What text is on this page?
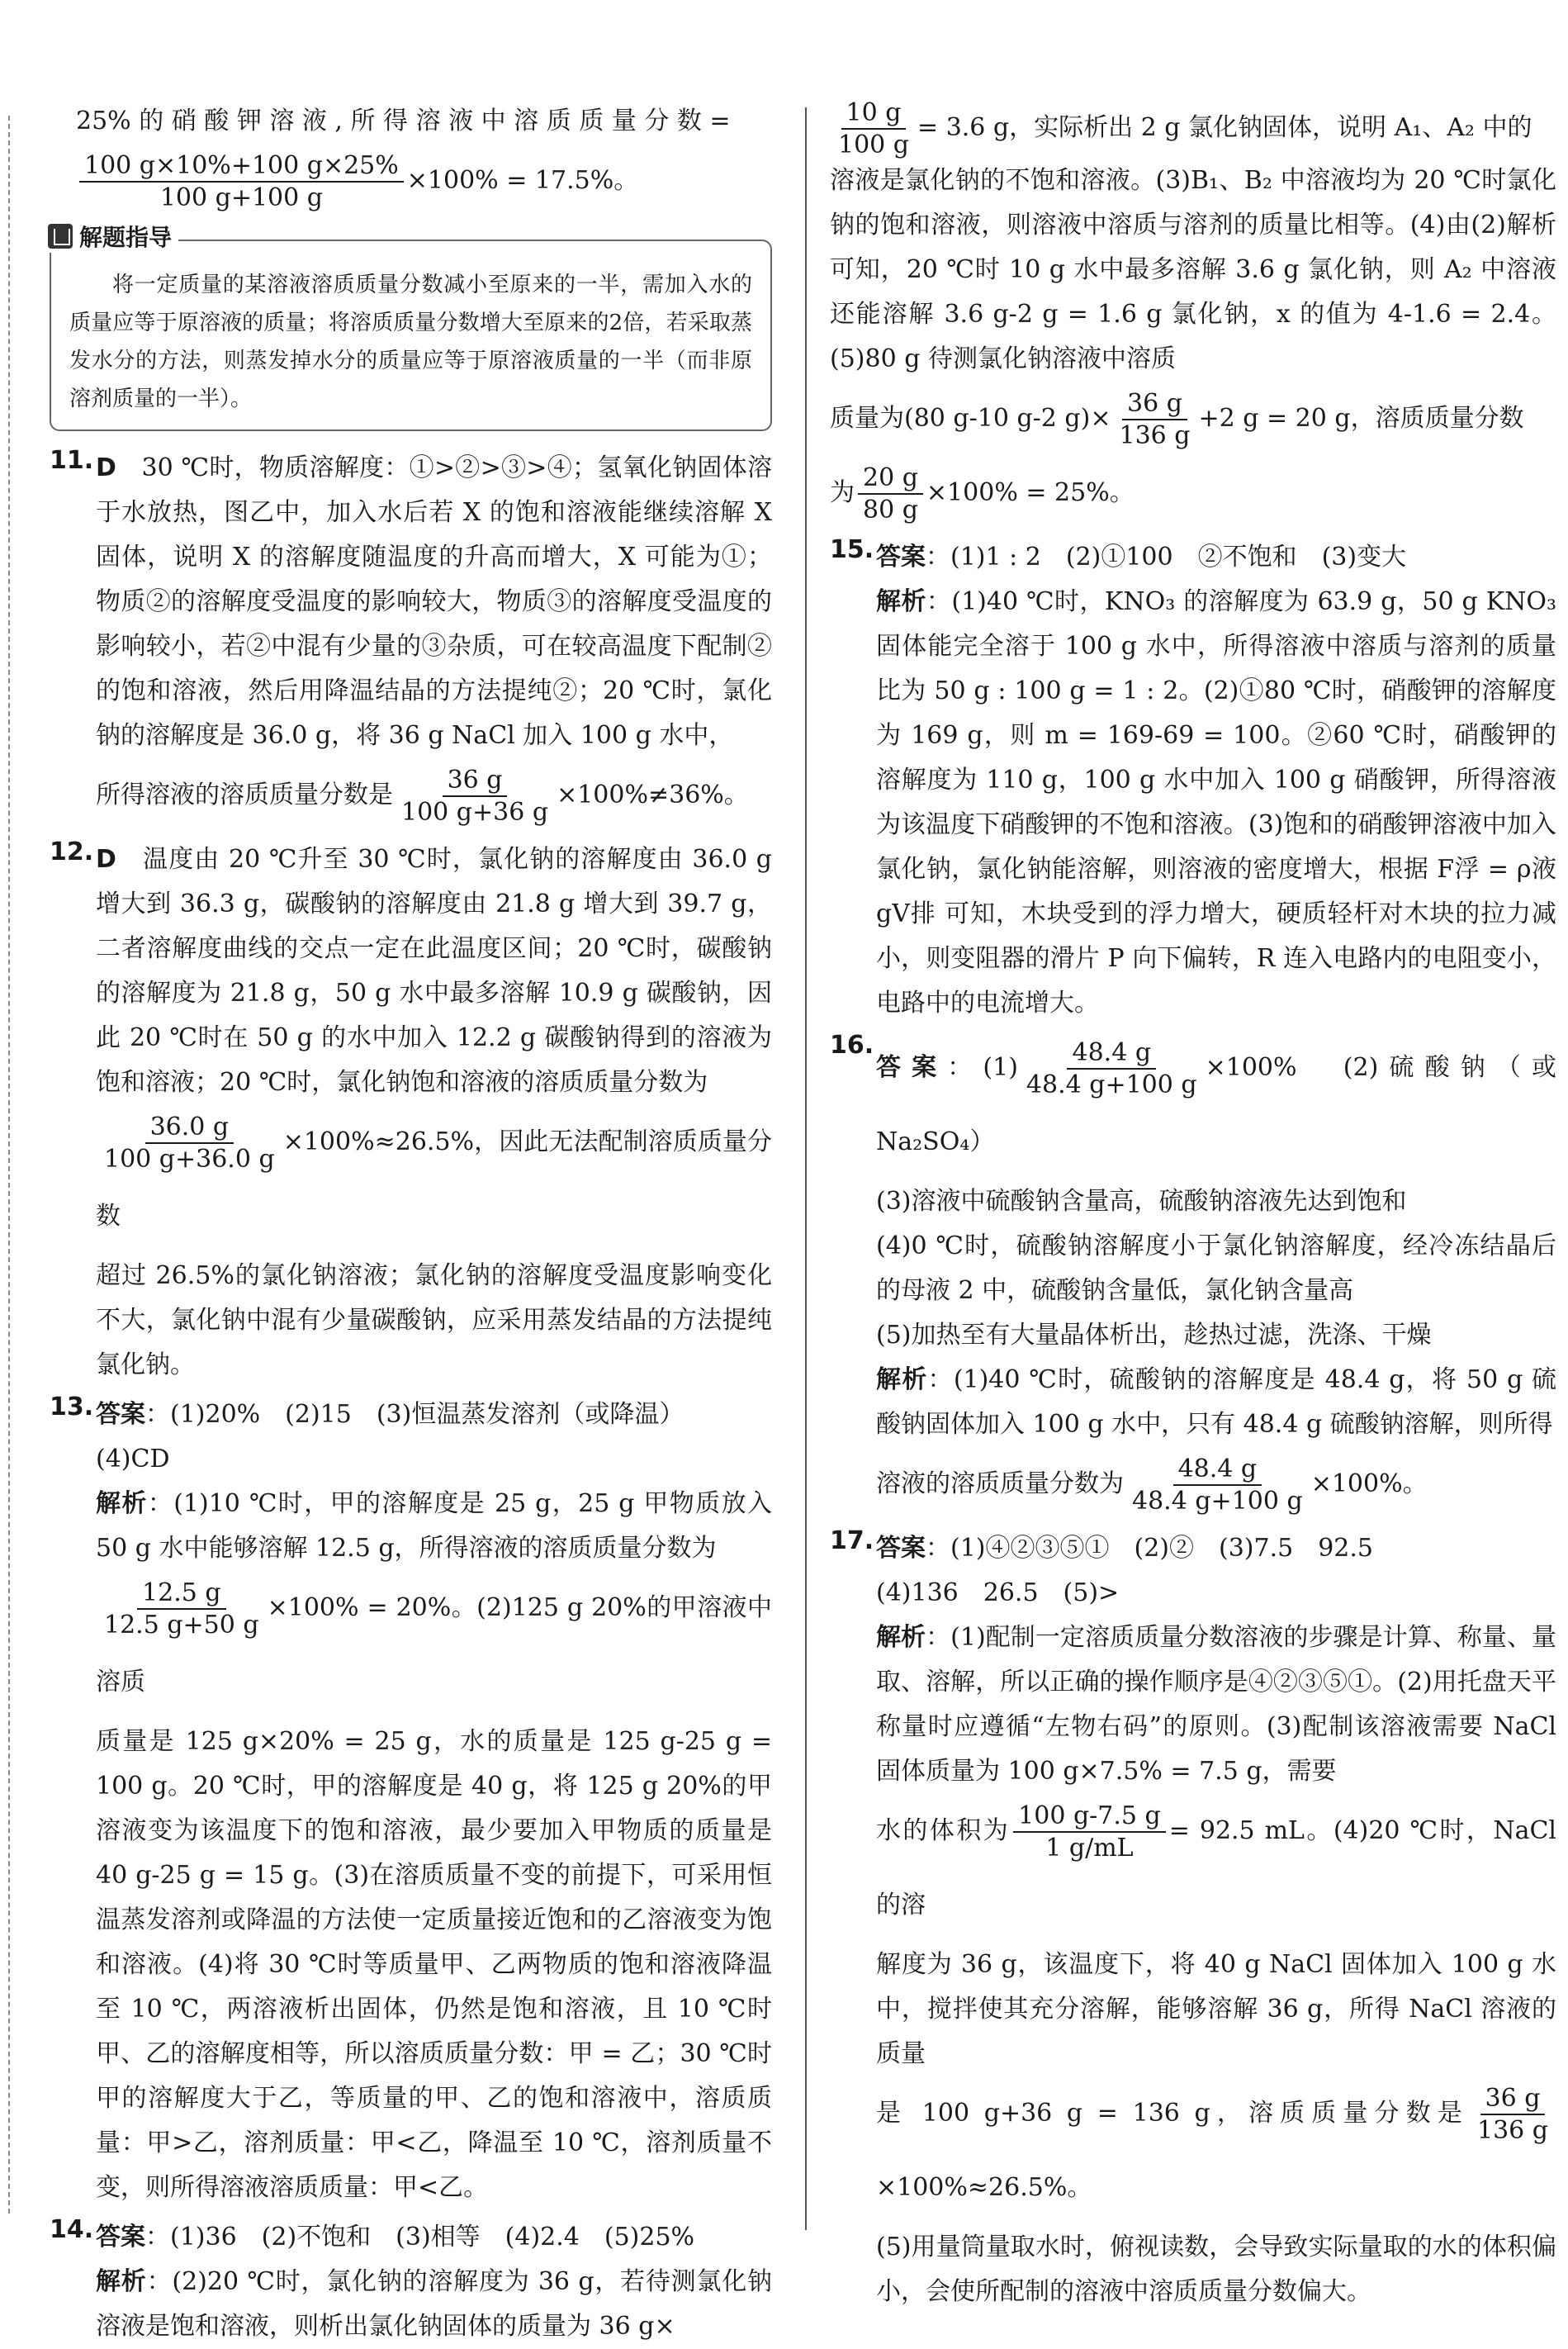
25% 的 硝 酸 钾 溶 液 , 所 得 溶 液 中 溶 质 质 量 分 数 =

$\frac{100 g\times 10\%+100 g\times 25\%}{100 g+100 g} \times 100\% = 17.5\%$。

解题指导
将一定质量的某溶液溶质质量分数减小至原来的一半，需加入水的质量应等于原溶液的质量；将溶质质量分数增大至原来的2倍，若采取蒸发水分的方法，则蒸发掉水分的质量应等于原溶液质量的一半（而非原溶剂质量的一半）。
11. D　 30 ℃时，物质溶解度：①>②>③>④；氢氧化钠固体溶于水放热，图乙中，加入水后若 X 的饱和溶液能继续溶解 X 固体，说明 X 的溶解度随温度的升高而增大，X 可能为①；物质②的溶解度受温度的影响较大，物质③的溶解度受温度的影响较小，若②中混有少量的③杂质，可在较高温度下配制②的饱和溶液，然后用降温结晶的方法提纯②；20 ℃时，氯化钠的溶解度是 36.0 g，将 36 g NaCl 加入 100 g 水中，

所得溶液的溶质质量分数是 $\frac{36 g}{100 g+36 g} \times 100\%\ne 36\%$。

12. D　 温度由 20 ℃升至 30 ℃时，氯化钠的溶解度由 36.0 g 增大到 36.3 g，碳酸钠的溶解度由 21.8 g 增大到 39.7 g，二者溶解度曲线的交点一定在此温度区间；20 ℃时，碳酸钠的溶解度为 21.8 g，50 g 水中最多溶解 10.9 g 碳酸钠，因此 20 ℃时在 50 g 的水中加入 12.2 g 碳酸钠得到的溶液为饱和溶液；20 ℃时，氯化钠饱和溶液的溶质质量分数为

$\frac{36.0 g}{100 g+36.0 g} \times 100\%\approx 26.5\%$，因此无法配制溶质质量分数

超过 26.5%的氯化钠溶液；氯化钠的溶解度受温度影响变化不大，氯化钠中混有少量碳酸钠，应采用蒸发结晶的方法提纯氯化钠。

13. 答案：(1)20%　(2)15　(3)恒温蒸发溶剂（或降温）

(4)CD

解析：(1)10 ℃时，甲的溶解度是 25 g，25 g 甲物质放入 50 g 水中能够溶解 12.5 g，所得溶液的溶质质量分数为

$\frac{12.5 g}{12.5 g+50 g} \times 100\% = 20\%$。(2)125 g 20%的甲溶液中溶质

质量是 125 g×20% = 25 g，水的质量是 125 g-25 g = 100 g。20 ℃时，甲的溶解度是 40 g，将 125 g 20%的甲溶液变为该温度下的饱和溶液，最少要加入甲物质的质量是 40 g-25 g = 15 g。(3)在溶质质量不变的前提下，可采用恒温蒸发溶剂或降温的方法使一定质量接近饱和的乙溶液变为饱和溶液。(4)将 30 ℃时等质量甲、乙两物质的饱和溶液降温至 10 ℃，两溶液析出固体，仍然是饱和溶液，且 10 ℃时甲、乙的溶解度相等，所以溶质质量分数：甲 = 乙；30 ℃时甲的溶解度大于乙，等质量的甲、乙的饱和溶液中，溶质质量：甲>乙，溶剂质量：甲<乙，降温至 10 ℃，溶剂质量不变，则所得溶液溶质质量：甲<乙。

14. 答案：(1)36　(2)不饱和　(3)相等　(4)2.4　(5)25%

解析：(2)20 ℃时，氯化钠的溶解度为 36 g，若待测氯化钠溶液是饱和溶液，则析出氯化钠固体的质量为 36 g×

$\frac{10 g}{100 g} = 3.6$ g，实际析出 2 g 氯化钠固体，说明 A₁、A₂ 中的

溶液是氯化钠的不饱和溶液。(3)B₁、B₂ 中溶液均为 20 ℃时氯化钠的饱和溶液，则溶液中溶质与溶剂的质量比相等。(4)由(2)解析可知，20 ℃时 10 g 水中最多溶解 3.6 g 氯化钠，则 A₂ 中溶液还能溶解 3.6 g-2 g = 1.6 g 氯化钠，x 的值为 4-1.6 = 2.4。(5)80 g 待测氯化钠溶液中溶质

质量为(80 g-10 g-2 $g)\times \frac{36 g}{136 g} +2$ g = 20 g，溶质质量分数

为 $\frac{20 g}{80 g} \times 100\% = 25\%$。

15. 答案：(1)1 : 2　(2)①100　②不饱和　(3)变大

解析：(1)40 ℃时，KNO₃ 的溶解度为 63.9 g，50 g KNO₃ 固体能完全溶于 100 g 水中，所得溶液中溶质与溶剂的质量比为 50 g : 100 g = 1 : 2。(2)①80 ℃时，硝酸钾的溶解度为 169 g，则 m = 169-69 = 100。②60 ℃时，硝酸钾的溶解度为 110 g，100 g 水中加入 100 g 硝酸钾，所得溶液为该温度下硝酸钾的不饱和溶液。(3)饱和的硝酸钾溶液中加入氯化钠，氯化钠能溶解，则溶液的密度增大，根据 F浮 = ρ液 gV排 可知，木块受到的浮力增大，硬质轻杆对木块的拉力减小，则变阻器的滑片 P 向下偏转，R 连入电路内的电阻变小，电路中的电流增大。

16.

答案：$(1) \frac{48.4 g}{48.4 g+100 g} \times 100\%$　(2)硫酸钠（或 Na₂SO₄）

(3)溶液中硫酸钠含量高，硫酸钠溶液先达到饱和

(4)0 ℃时，硫酸钠溶解度小于氯化钠溶解度，经冷冻结晶后的母液 2 中，硫酸钠含量低，氯化钠含量高

(5)加热至有大量晶体析出，趁热过滤，洗涤、干燥

解析：(1)40 ℃时，硫酸钠的溶解度是 48.4 g，将 50 g 硫酸钠固体加入 100 g 水中，只有 48.4 g 硫酸钠溶解，则所得

溶液的溶质质量分数为 $\frac{48.4 g}{48.4 g+100 g} \times 100\%$。

17. 答案：(1)④②③⑤①　(2)②　(3)7.5　92.5

(4)136　26.5　(5)>

解析：(1)配制一定溶质质量分数溶液的步骤是计算、称量、量取、溶解，所以正确的操作顺序是④②③⑤①。(2)用托盘天平称量时应遵循“左物右码”的原则。(3)配制该溶液需要 NaCl 固体质量为 100 g×7.5% = 7.5 g，需要

水的体积为 $\frac{100 g-7.5 g}{1 g/mL} = 92.5$ mL。(4)20 ℃时，NaCl 的溶

解度为 36 g，该温度下，将 40 g NaCl 固体加入 100 g 水中，搅拌使其充分溶解，能够溶解 36 g，所得 NaCl 溶液的质量

是 100 g+36 g = 136 g，溶质质量分数是 $\frac{36 g}{136 g}$
×100%≈26.5%。

(5)用量筒量取水时，俯视读数，会导致实际量取的水的体积偏小，会使所配制的溶液中溶质质量分数偏大。
